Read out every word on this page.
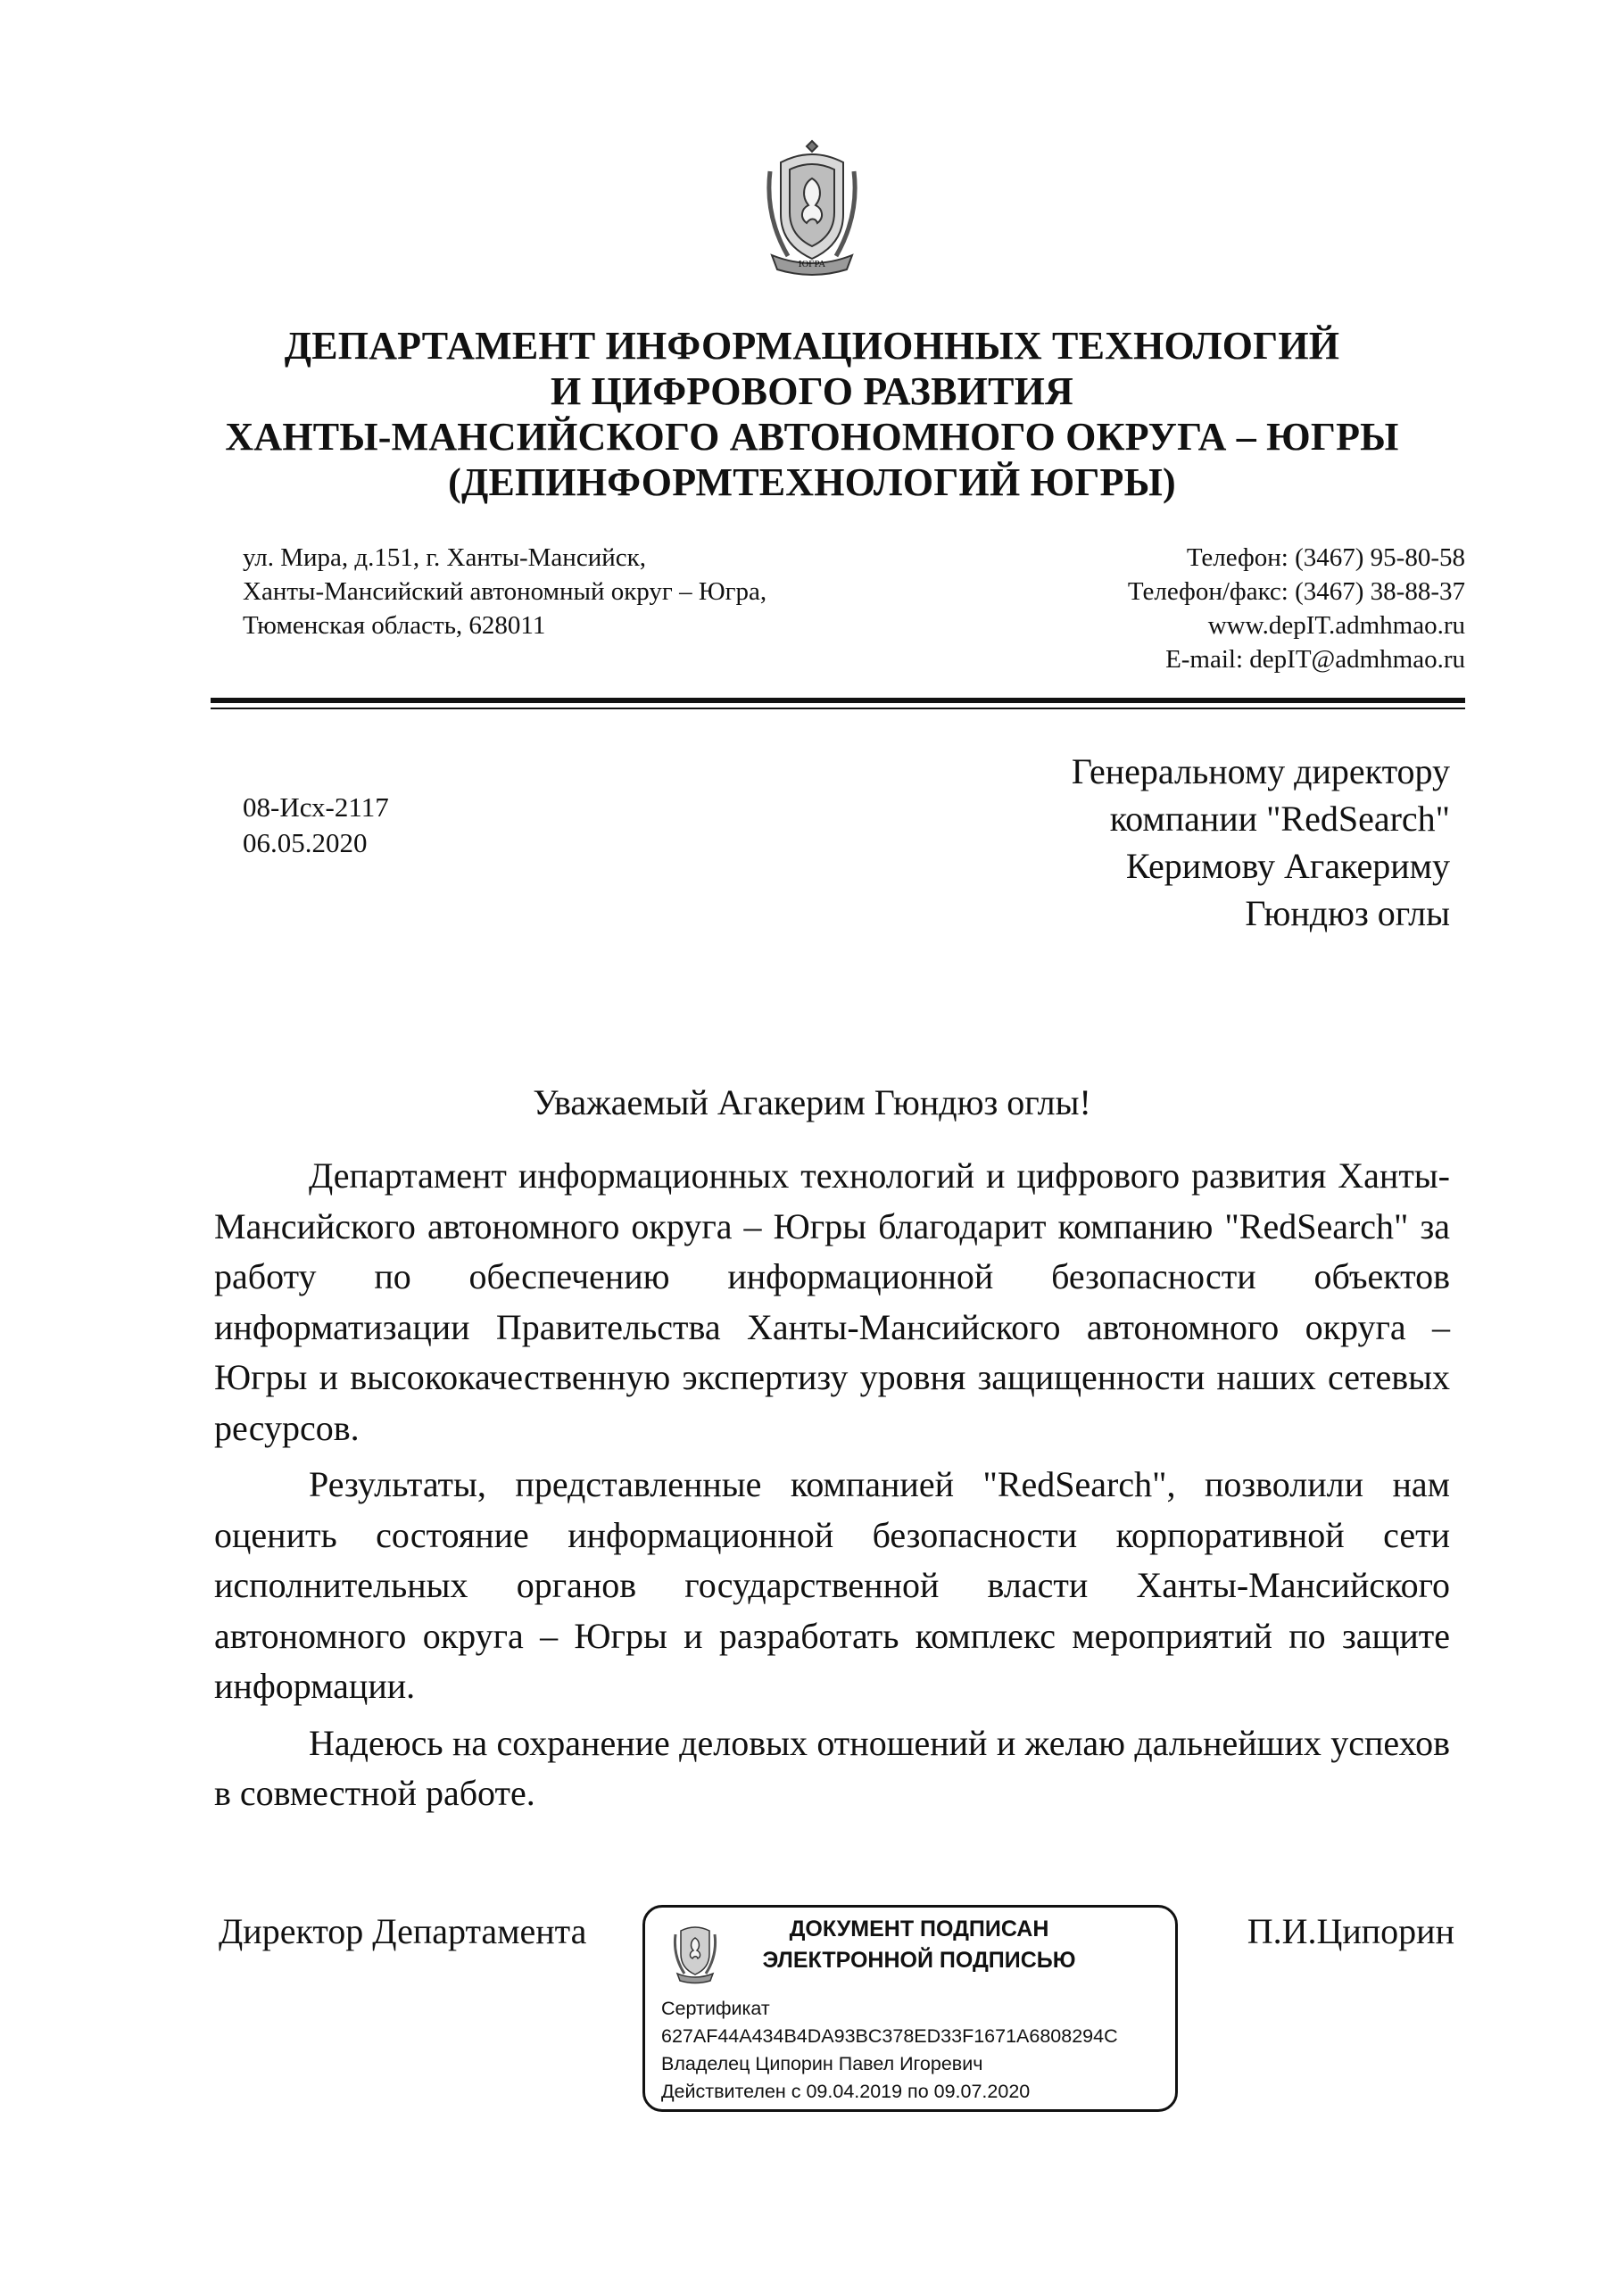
ЮГРА
ДЕПАРТАМЕНТ ИНФОРМАЦИОННЫХ ТЕХНОЛОГИЙ
И ЦИФРОВОГО РАЗВИТИЯ
ХАНТЫ-МАНСИЙСКОГО АВТОНОМНОГО ОКРУГА – ЮГРЫ
(ДЕПИНФОРМТЕХНОЛОГИЙ ЮГРЫ)
ул. Мира, д.151, г. Ханты-Мансийск,
Ханты-Мансийский автономный округ – Югра,
Тюменская область, 628011
Телефон: (3467) 95-80-58
Телефон/факс: (3467) 38-88-37
www.depIT.admhmao.ru
E-mail: depIT@admhmao.ru
08-Исх-2117
06.05.2020
Генеральному директору
компании "RedSearch"
Керимову Агакериму
Гюндюз оглы
Уважаемый Агакерим Гюндюз оглы!

Департамент информационных технологий и цифрового развития Ханты-Мансийского автономного округа – Югры благодарит компанию "RedSearch" за работу по обеспечению информационной безопасности объектов информатизации Правительства Ханты-Мансийского автономного округа – Югры и высококачественную экспертизу уровня защищенности наших сетевых ресурсов.

Результаты, представленные компанией "RedSearch", позволили нам оценить состояние информационной безопасности корпоративной сети исполнительных органов государственной власти Ханты-Мансийского автономного округа – Югры и разработать комплекс мероприятий по защите информации.

Надеюсь на сохранение деловых отношений и желаю дальнейших успехов в совместной работе.

Директор Департамента	П.И.Ципорин
ДОКУМЕНТ ПОДПИСАН
ЭЛЕКТРОННОЙ ПОДПИСЬЮ
Сертификат
627AF44A434B4DA93BC378ED33F1671A6808294C
Владелец Ципорин Павел Игоревич
Действителен с 09.04.2019 по 09.07.2020
